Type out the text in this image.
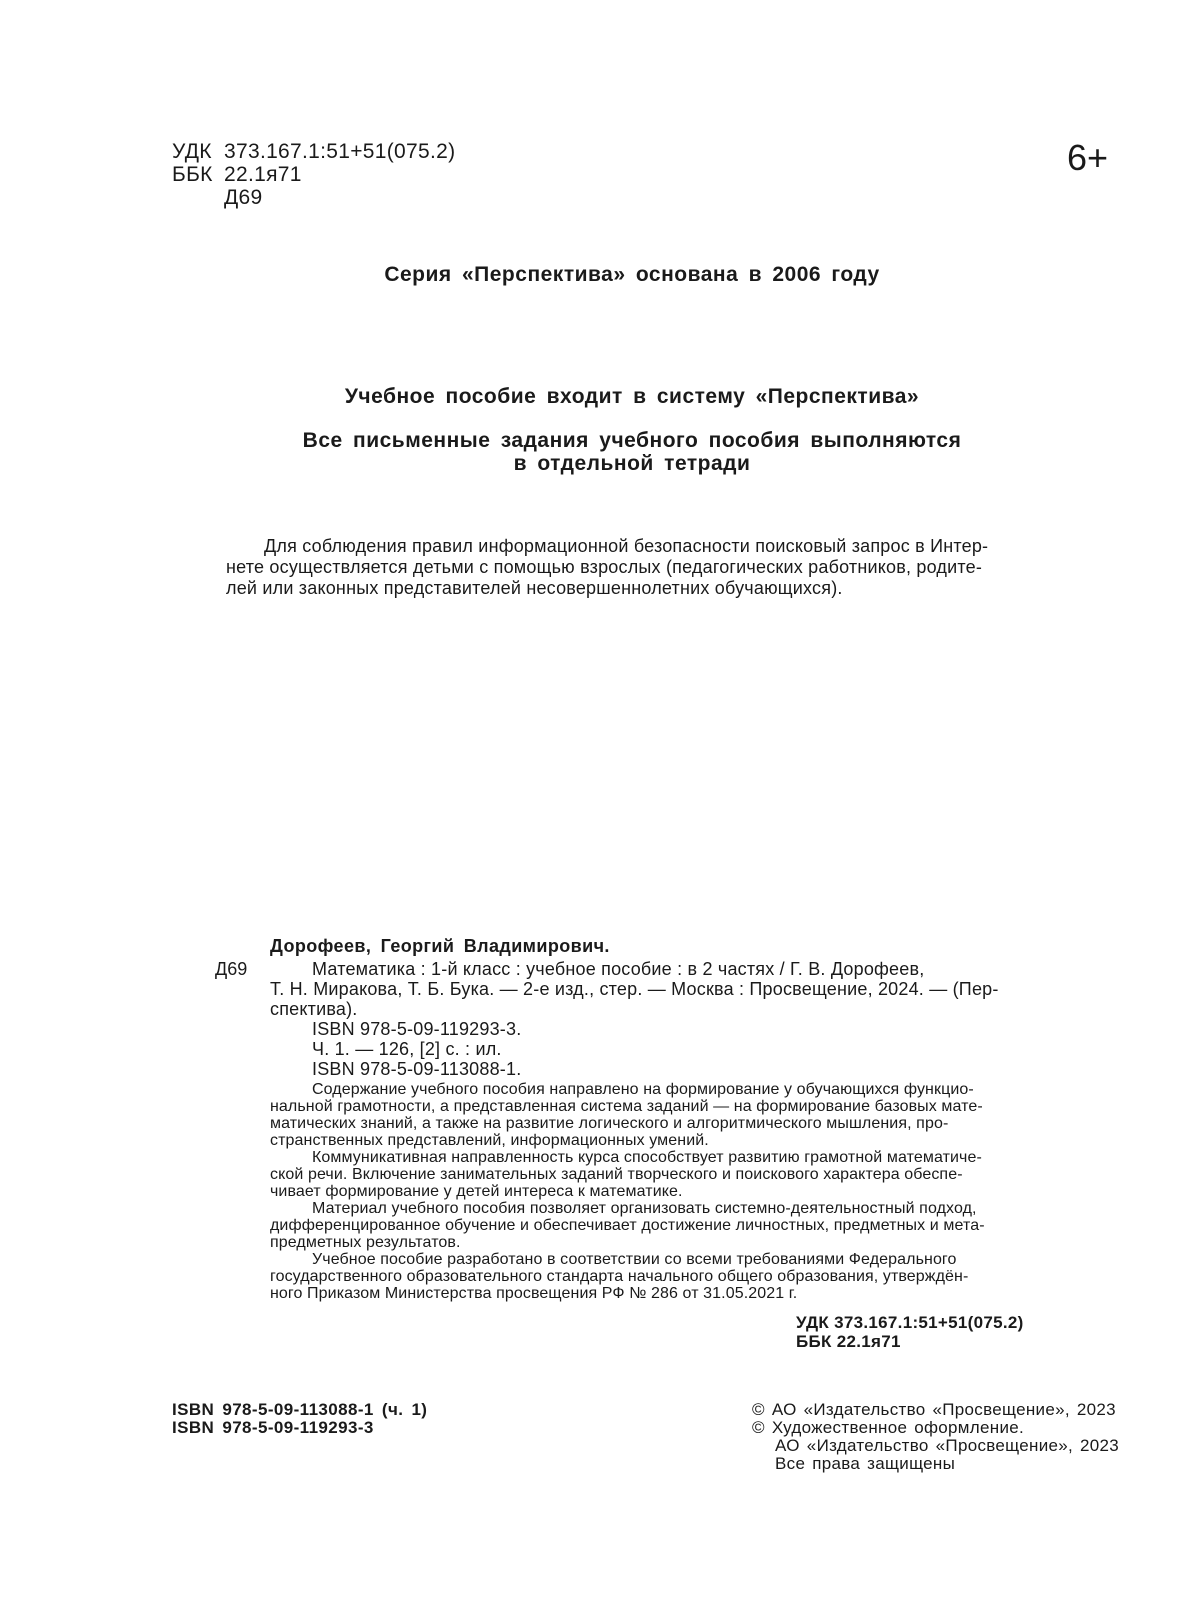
УДК 373.167.1:51+51(075.2)
ББК 22.1я71
Д69
6+
Серия «Перспектива» основана в 2006 году
Учебное пособие входит в систему «Перспектива»
Все письменные задания учебного пособия выполняются
в отдельной тетради
Для соблюдения правил информационной безопасности поисковый запрос в Интер-
нете осуществляется детьми с помощью взрослых (педагогических работников, родите-
лей или законных представителей несовершеннолетних обучающихся).
Дорофеев, Георгий Владимирович.
Д69	Математика : 1-й класс : учебное пособие : в 2 частях / Г. В. Дорофеев,
Т. Н. Миракова, Т. Б. Бука. — 2-е изд., стер. — Москва : Просвещение, 2024. — (Пер-
спектива).
ISBN 978-5-09-119293-3.
Ч. 1. — 126, [2] с. : ил.
ISBN 978-5-09-113088-1.
Содержание учебного пособия направлено на формирование у обучающихся функцио-
нальной грамотности, а представленная система заданий — на формирование базовых мате-
матических знаний, а также на развитие логического и алгоритмического мышления, про-
странственных представлений, информационных умений.
Коммуникативная направленность курса способствует развитию грамотной математиче-
ской речи. Включение занимательных заданий творческого и поискового характера обеспе-
чивает формирование у детей интереса к математике.
Материал учебного пособия позволяет организовать системно-деятельностный подход,
дифференцированное обучение и обеспечивает достижение личностных, предметных и мета-
предметных результатов.
Учебное пособие разработано в соответствии со всеми требованиями Федерального
государственного образовательного стандарта начального общего образования, утверждён-
ного Приказом Министерства просвещения РФ № 286 от 31.05.2021 г.
УДК 373.167.1:51+51(075.2)
ББК 22.1я71
ISBN 978-5-09-113088-1 (ч. 1)
ISBN 978-5-09-119293-3
© АО «Издательство «Просвещение», 2023
© Художественное оформление.
АО «Издательство «Просвещение», 2023
Все права защищены
